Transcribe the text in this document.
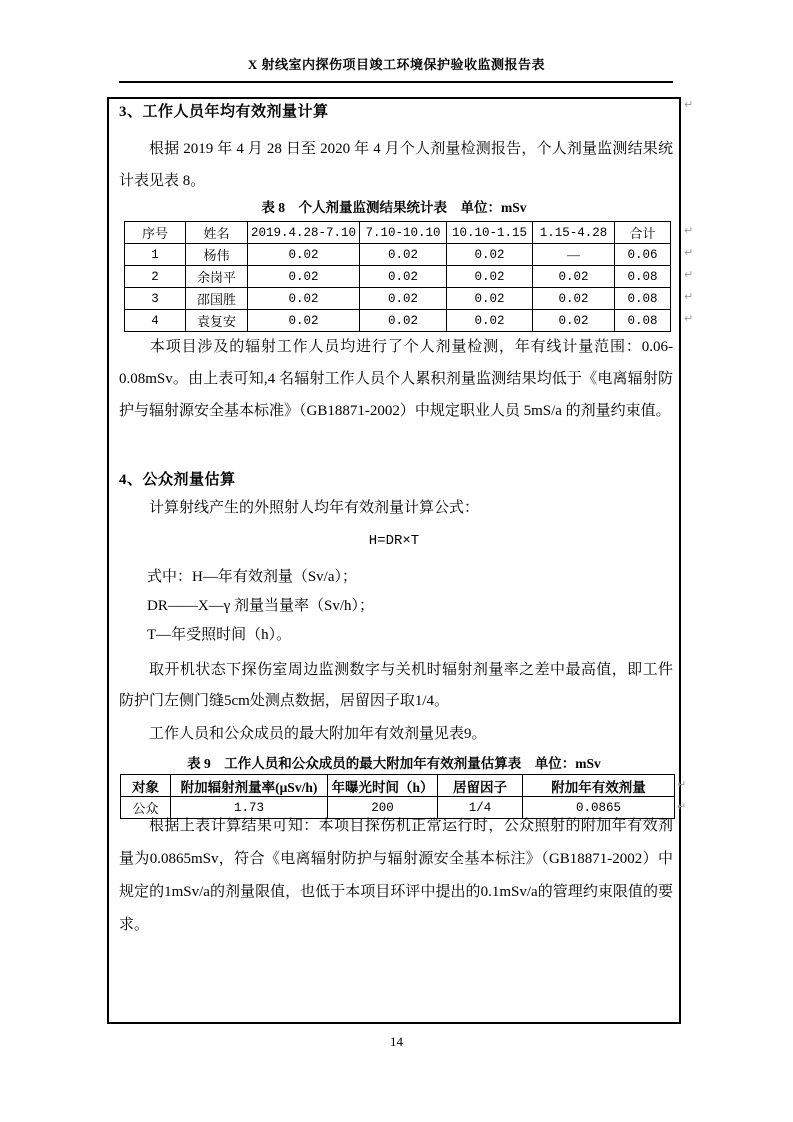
X 射线室内探伤项目竣工环境保护验收监测报告表
3、工作人员年均有效剂量计算
根据 2019 年 4 月 28 日至 2020 年 4 月个人剂量检测报告，个人剂量监测结果统计表见表 8。
表 8　个人剂量监测结果统计表　单位：mSv
序号	姓名	2019.4.28-7.10	7.10-10.10	10.10-1.15	1.15-4.28	合计
1	杨伟	0.02	0.02	0.02	—	0.06
2	余岗平	0.02	0.02	0.02	0.02	0.08
3	邵国胜	0.02	0.02	0.02	0.02	0.08
4	袁复安	0.02	0.02	0.02	0.02	0.08
本项目涉及的辐射工作人员均进行了个人剂量检测，年有线计量范围：0.06-0.08mSv。由上表可知,4 名辐射工作人员个人累积剂量监测结果均低于《电离辐射防护与辐射源安全基本标准》（GB18871-2002）中规定职业人员 5mS/a 的剂量约束值。
4、公众剂量估算
计算射线产生的外照射人均年有效剂量计算公式：
H=DR×T
式中：H—年有效剂量（Sv/a）；
DR——X—γ 剂量当量率（Sv/h）；
T—年受照时间（h）。
取开机状态下探伤室周边监测数字与关机时辐射剂量率之差中最高值，即工件防护门左侧门缝5cm处测点数据，居留因子取1/4。
工作人员和公众成员的最大附加年有效剂量见表9。
表 9　工作人员和公众成员的最大附加年有效剂量估算表　单位：mSv
对象	附加辐射剂量率(μSv/h)	年曝光时间（h）	居留因子	附加年有效剂量
公众	1.73	200	1/4	0.0865
根据上表计算结果可知：本项目探伤机正常运行时，公众照射的附加年有效剂量为0.0865mSv，符合《电离辐射防护与辐射源安全基本标注》（GB18871-2002）中规定的1mSv/a的剂量限值，也低于本项目环评中提出的0.1mSv/a的管理约束限值的要求。
↵
↵
↵
↵
↵
↵
↵
↵
14
